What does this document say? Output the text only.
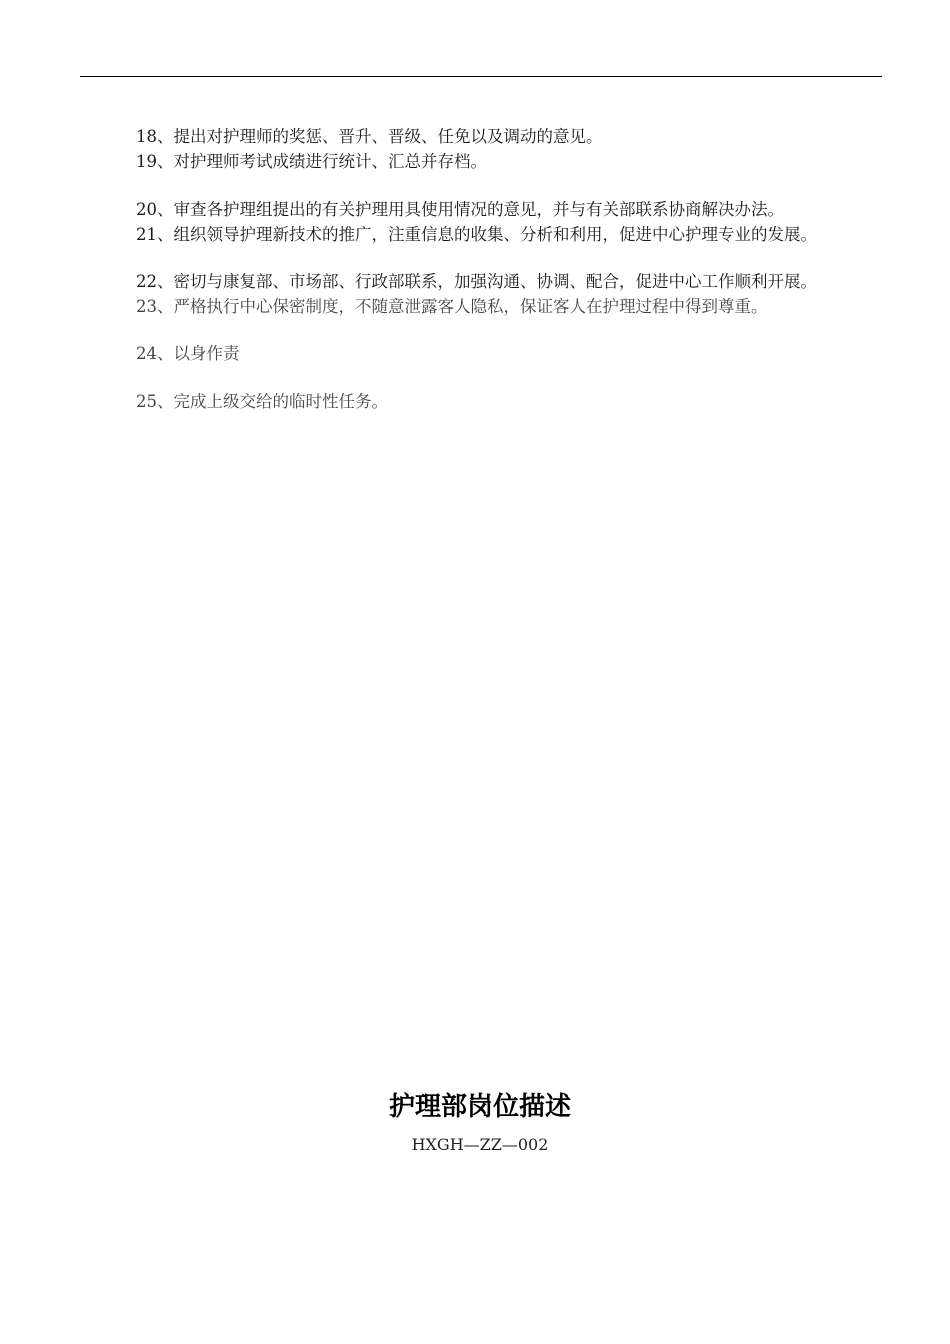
18、提出对护理师的奖惩、晋升、晋级、任免以及调动的意见。
19、对护理师考试成绩进行统计、汇总并存档。
20、审查各护理组提出的有关护理用具使用情况的意见，并与有关部联系协商解决办法。
21、组织领导护理新技术的推广，注重信息的收集、分析和利用，促进中心护理专业的发展。
22、密切与康复部、市场部、行政部联系，加强沟通、协调、配合，促进中心工作顺利开展。
23、严格执行中心保密制度，不随意泄露客人隐私，保证客人在护理过程中得到尊重。
24、以身作责
25、完成上级交给的临时性任务。
护理部岗位描述
HXGH—ZZ—002
